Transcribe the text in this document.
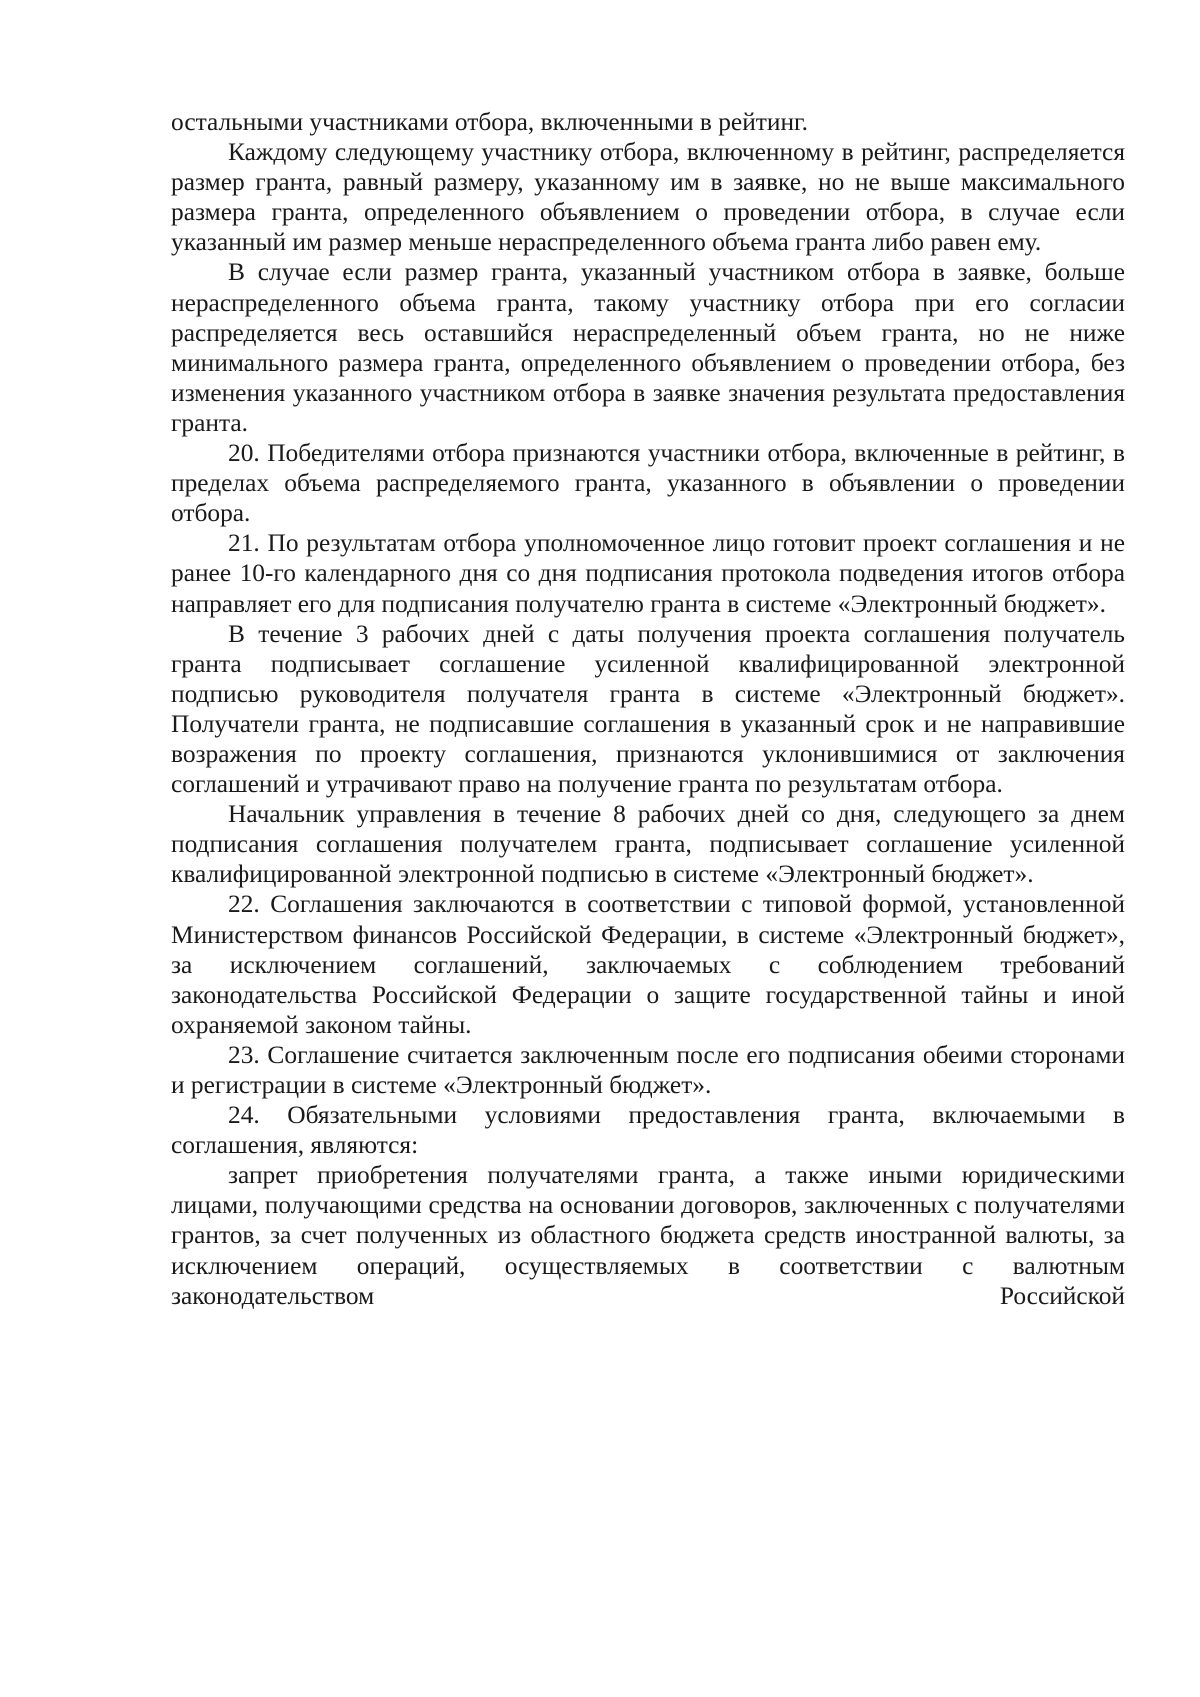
остальными участниками отбора, включенными в рейтинг.

Каждому следующему участнику отбора, включенному в рейтинг, распределяется размер гранта, равный размеру, указанному им в заявке, но не выше максимального размера гранта, определенного объявлением о проведении отбора, в случае если указанный им размер меньше нераспределенного объема гранта либо равен ему.

В случае если размер гранта, указанный участником отбора в заявке, больше нераспределенного объема гранта, такому участнику отбора при его согласии распределяется весь оставшийся нераспределенный объем гранта, но не ниже минимального размера гранта, определенного объявлением о проведении отбора, без изменения указанного участником отбора в заявке значения результата предоставления гранта.

20. Победителями отбора признаются участники отбора, включенные в рейтинг, в пределах объема распределяемого гранта, указанного в объявлении о проведении отбора.

21. По результатам отбора уполномоченное лицо готовит проект соглашения и не ранее 10-го календарного дня со дня подписания протокола подведения итогов отбора направляет его для подписания получателю гранта в системе «Электронный бюджет».

В течение 3 рабочих дней с даты получения проекта соглашения получатель гранта подписывает соглашение усиленной квалифицированной электронной подписью руководителя получателя гранта в системе «Электронный бюджет». Получатели гранта, не подписавшие соглашения в указанный срок и не направившие возражения по проекту соглашения, признаются уклонившимися от заключения соглашений и утрачивают право на получение гранта по результатам отбора.

Начальник управления в течение 8 рабочих дней со дня, следующего за днем подписания соглашения получателем гранта, подписывает соглашение усиленной квалифицированной электронной подписью в системе «Электронный бюджет».

22. Соглашения заключаются в соответствии с типовой формой, установленной Министерством финансов Российской Федерации, в системе «Электронный бюджет», за исключением соглашений, заключаемых с соблюдением требований законодательства Российской Федерации о защите государственной тайны и иной охраняемой законом тайны.

23. Соглашение считается заключенным после его подписания обеими сторонами и регистрации в системе «Электронный бюджет».

24. Обязательными условиями предоставления гранта, включаемыми в соглашения, являются:

запрет приобретения получателями гранта, а также иными юридическими лицами, получающими средства на основании договоров, заключенных с получателями грантов, за счет полученных из областного бюджета средств иностранной валюты, за исключением операций, осуществляемых в соответствии с валютным законодательством Российской
